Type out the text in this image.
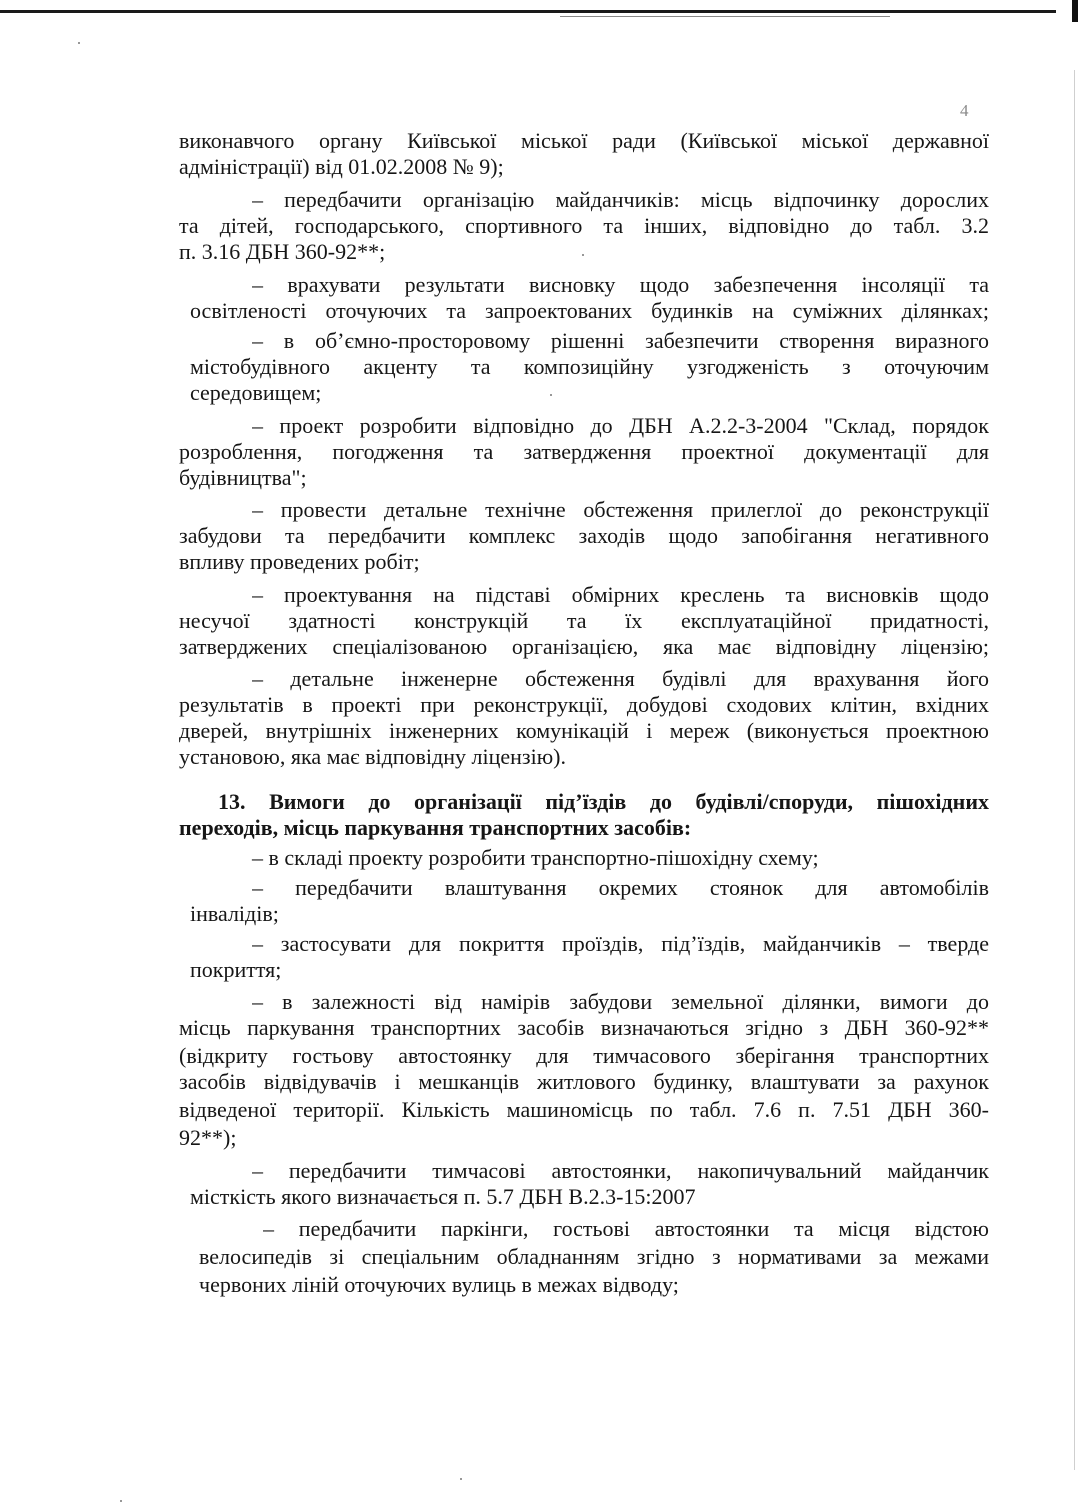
4
виконавчого органу Київської міської ради (Київської міської державної
адміністрації) від 01.02.2008 № 9);
– передбачити організацію майданчиків: місць відпочинку дорослих
та дітей, господарського, спортивного та інших, відповідно до табл. 3.2
п. 3.16 ДБН 360-92**;
– врахувати результати висновку щодо забезпечення інсоляції та
освітленості оточуючих та запроектованих будинків на суміжних ділянках;
– в об’ємно-просторовому рішенні забезпечити створення виразного
містобудівного акценту та композиційну узгодженість з оточуючим
середовищем;
– проект розробити відповідно до ДБН А.2.2-3-2004 "Склад, порядок
розроблення, погодження та затвердження проектної документації для
будівництва";
– провести детальне технічне обстеження прилеглої до реконструкції
забудови та передбачити комплекс заходів щодо запобігання негативного
впливу проведених робіт;
– проектування на підставі обмірних креслень та висновків щодо
несучої здатності конструкцій та їх експлуатаційної придатності,
затверджених спеціалізованою організацією, яка має відповідну ліцензію;
– детальне інженерне обстеження будівлі для врахування його
результатів в проекті при реконструкції, добудові сходових клітин, вхідних
дверей, внутрішніх інженерних комунікацій і мереж (виконується проектною
установою, яка має відповідну ліцензію).
13. Вимоги до організації під’їздів до будівлі/споруди, пішохідних
переходів, місць паркування транспортних засобів:
– в складі проекту розробити транспортно-пішохідну схему;
– передбачити влаштування окремих стоянок для автомобілів
інвалідів;
– застосувати для покриття проїздів, під’їздів, майданчиків – тверде
покриття;
– в залежності від намірів забудови земельної ділянки, вимоги до
місць паркування транспортних засобів визначаються згідно з ДБН 360-92**
(відкриту гостьову автостоянку для тимчасового зберігання транспортних
засобів відвідувачів і мешканців житлового будинку, влаштувати за рахунок
відведеної території. Кількість машиномісць по табл. 7.6 п. 7.51 ДБН 360-
92**);
– передбачити тимчасові автостоянки, накопичувальний майданчик
місткість якого визначається п. 5.7 ДБН В.2.3-15:2007
– передбачити паркінги, гостьові автостоянки та місця відстою
велосипедів зі спеціальним обладнанням згідно з нормативами за межами
червоних ліній оточуючих вулиць в межах відводу;
